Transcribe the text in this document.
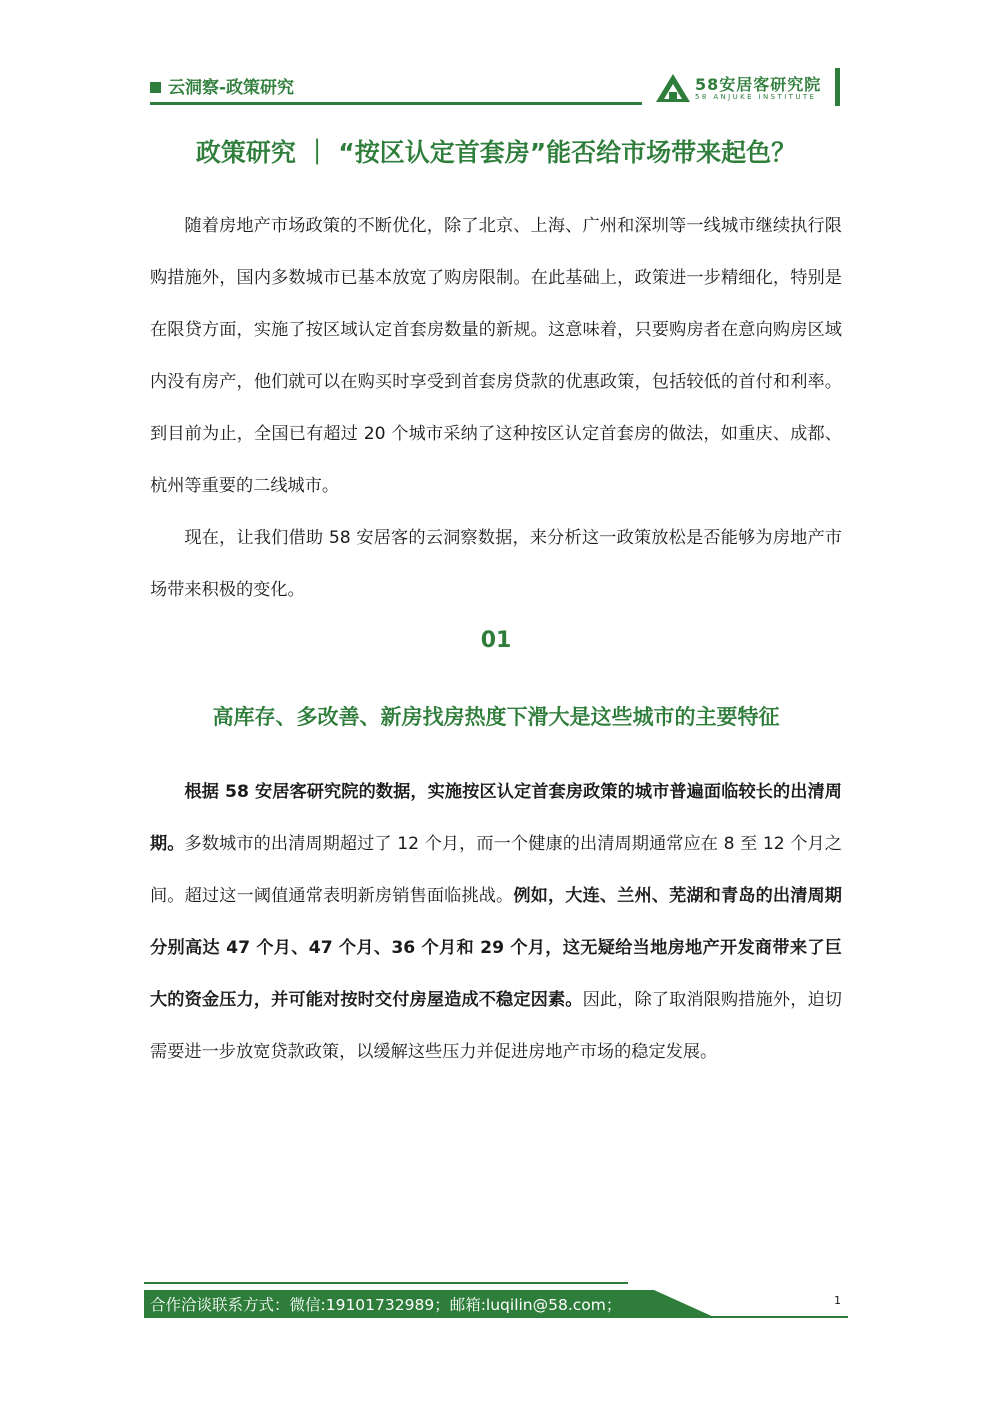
云洞察-政策研究	58安居客研究院
58 ANJUKE INSTITUTE
政策研究 ｜ “按区认定首套房”能否给市场带来起色？

随着房地产市场政策的不断优化，除了北京、上海、广州和深圳等一线城市继续执行限购措施外，国内多数城市已基本放宽了购房限制。在此基础上，政策进一步精细化，特别是在限贷方面，实施了按区域认定首套房数量的新规。这意味着，只要购房者在意向购房区域内没有房产，他们就可以在购买时享受到首套房贷款的优惠政策，包括较低的首付和利率。到目前为止，全国已有超过 20 个城市采纳了这种按区认定首套房的做法，如重庆、成都、杭州等重要的二线城市。

现在，让我们借助 58 安居客的云洞察数据，来分析这一政策放松是否能够为房地产市场带来积极的变化。

01
高库存、多改善、新房找房热度下滑大是这些城市的主要特征

根据 58 安居客研究院的数据，实施按区认定首套房政策的城市普遍面临较长的出清周期。多数城市的出清周期超过了 12 个月，而一个健康的出清周期通常应在 8 至 12 个月之间。超过这一阈值通常表明新房销售面临挑战。例如，大连、兰州、芜湖和青岛的出清周期分别高达 47 个月、47 个月、36 个月和 29 个月，这无疑给当地房地产开发商带来了巨大的资金压力，并可能对按时交付房屋造成不稳定因素。因此，除了取消限购措施外，迫切需要进一步放宽贷款政策，以缓解这些压力并促进房地产市场的稳定发展。

合作洽谈联系方式：微信:19101732989；邮箱:luqilin@58.com；	1
